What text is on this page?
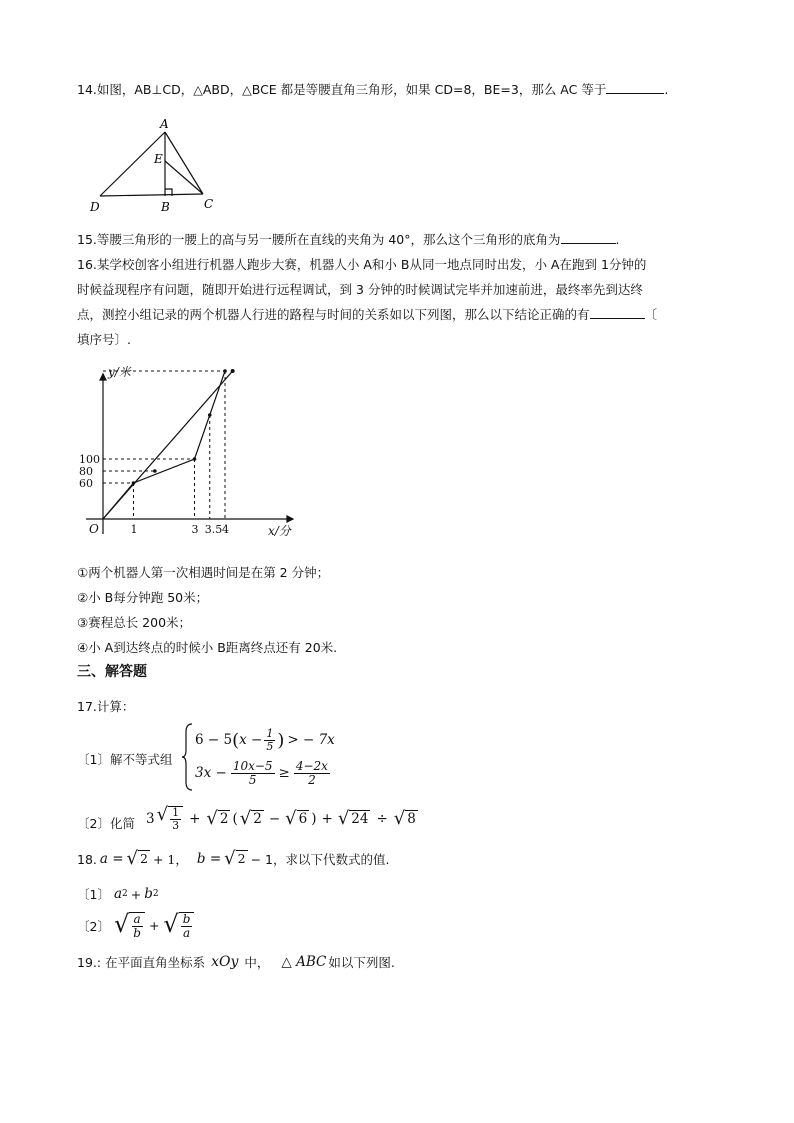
14.如图，AB⊥CD，△ABD，△BCE 都是等腰直角三角形，如果 CD=8，BE=3，那么 AC 等于	.
A
E
D	B	C
15.等腰三角形的一腰上的高与另一腰所在直线的夹角为 40°，那么这个三角形的底角为	.
16.某学校创客小组进行机器人跑步大赛，机器人小 A和小 B从同一地点同时出发，小 A在跑到 1分钟的
时候益现程序有问题，随即开始进行远程调试，到 3 分钟的时候调试完毕并加速前进，最终率先到达终
点，测控小组记录的两个机器人行进的路程与时间的关系如以下列图，那么以下结论正确的有	〔
填序号〕.
y/米
x/分
O	1	3 3.5 4
60
80
100
①两个机器人第一次相遇时间是在第 2 分钟；
②小 B每分钟跑 50米；
③赛程总长 200米；
④小 A到达终点的时候小 B距离终点还有 20米.
三、解答题
17.计算：
〔1〕解不等式组
6 − 5 ( $x - \frac{1}{5}$ ) > − 7x
$3x - \frac{10x-5}{5} \ge \frac{4-2x}{2}$
〔2〕化简 3 √ $\frac{1}{3}$ + √ 2 ( √ 2 − √ 6 ) + √ 24 ÷ √ 8
18. a = √ 2 + 1， b = √ 2 − 1，求以下代数式的值.
〔1〕 a 2 + b 2
〔2〕 √ $\frac{a}{b}$ + √ $\frac{b}{a}$
19.: 在平面直角坐标系 xOy 中， △ ABC 如以下列图.
